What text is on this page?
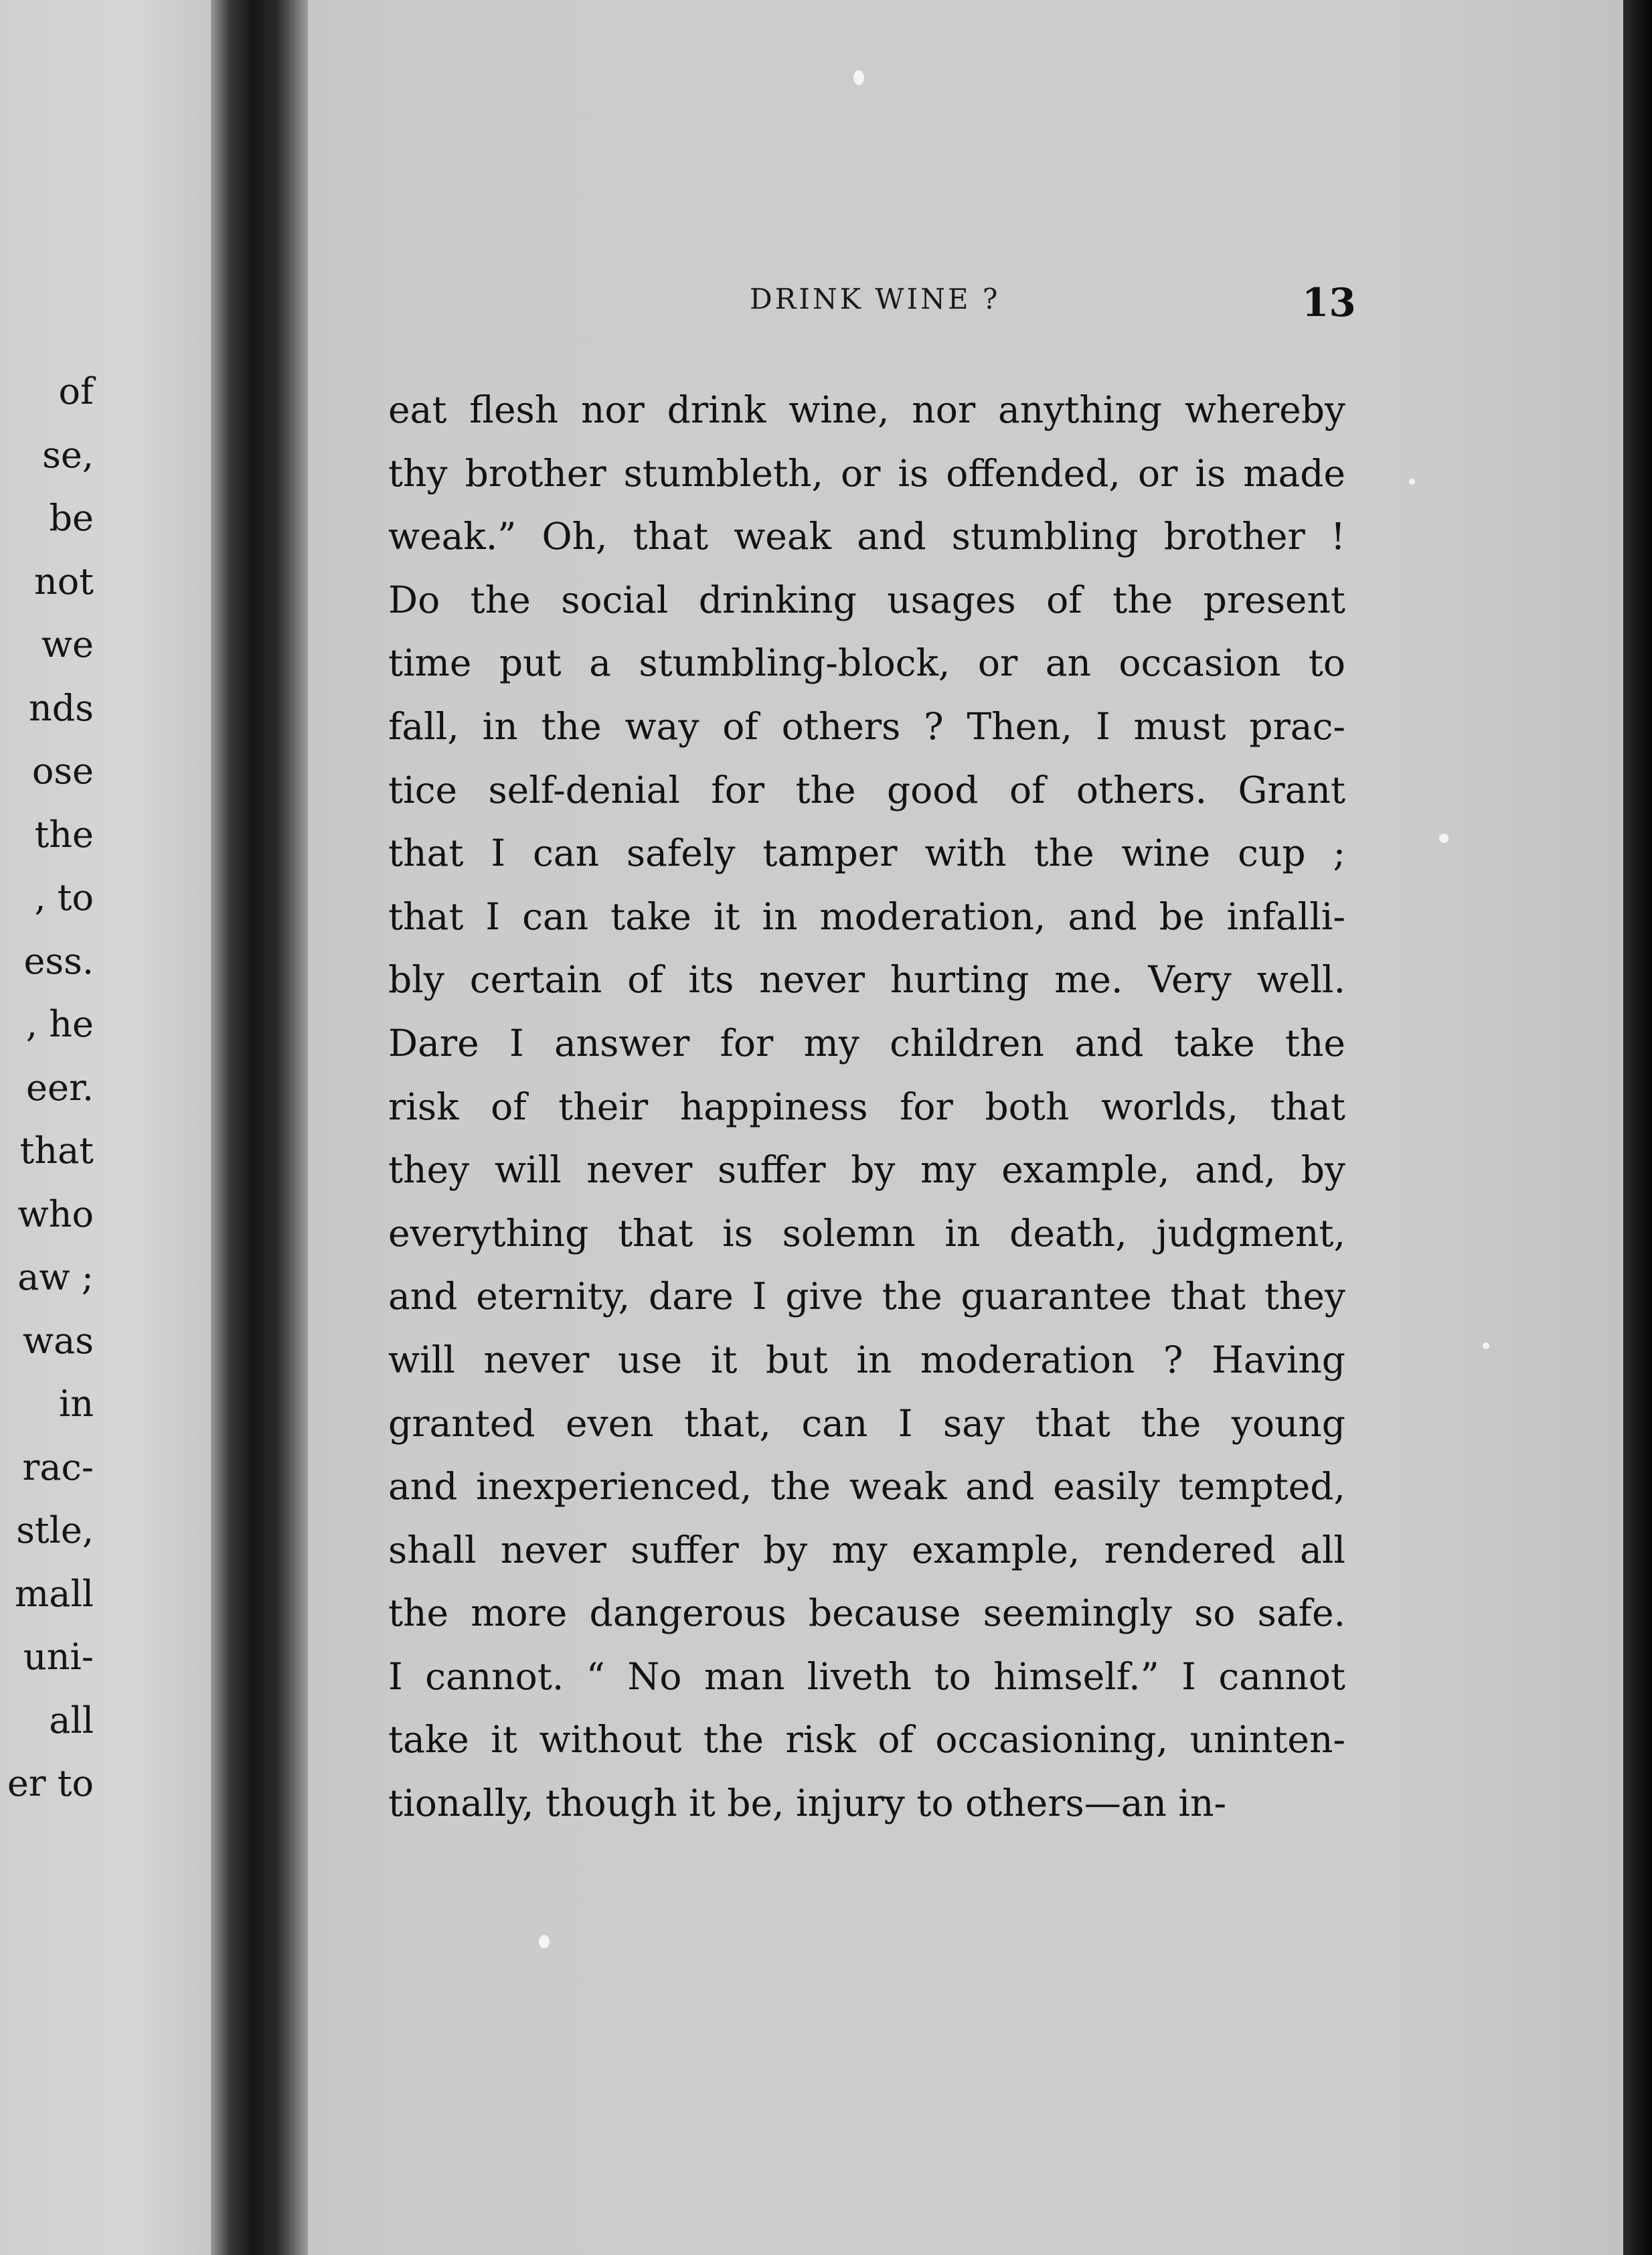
of
se,
be
not
we
nds
ose
the
, to
ess.
, he
eer.
that
who
aw ;
was
in
rac-
stle,
mall
uni-
all
er to
DRINK WINE ?	13
eat flesh nor drink wine, nor anything whereby
thy brother stumbleth, or is offended, or is made
weak.” Oh, that weak and stumbling brother !
Do the social drinking usages of the present
time put a stumbling-block, or an occasion to
fall, in the way of others ? Then, I must prac-
tice self-denial for the good of others. Grant
that I can safely tamper with the wine cup ;
that I can take it in moderation, and be infalli-
bly certain of its never hurting me. Very well.
Dare I answer for my children and take the
risk of their happiness for both worlds, that
they will never suffer by my example, and, by
everything that is solemn in death, judgment,
and eternity, dare I give the guarantee that they
will never use it but in moderation ? Having
granted even that, can I say that the young
and inexperienced, the weak and easily tempted,
shall never suffer by my example, rendered all
the more dangerous because seemingly so safe.
I cannot. “ No man liveth to himself.” I cannot
take it without the risk of occasioning, uninten-
tionally, though it be, injury to others—an in-
